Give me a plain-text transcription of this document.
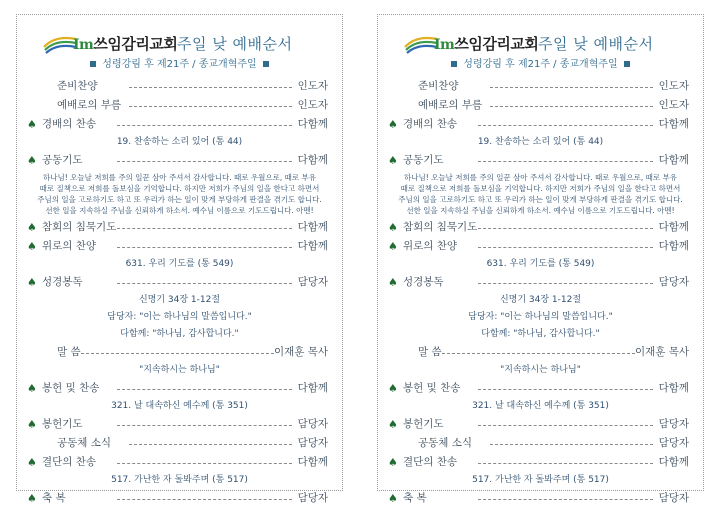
Im쓰임감리교회 주일 낮 예배순서
성령강림 후 제21주 / 종교개혁주일
준비찬양	인도자
예배로의 부름	인도자
♠ 경배의 찬송	다함께
19. 찬송하는 소리 있어 (통 44)
♠ 공동기도	다함께
하나님! 오늘날 저희를 주의 일꾼 삼아 주셔서 감사합니다. 때로 우월으로, 때로 부유
때로 질책으로 저희를 돌보심을 기억합니다. 하지만 저희가 주님의 일을 한다고 하면서
주님의 일을 고로하기도 하고 또 우리가 하는 일이 맞게 부당하게 판결을 겪기도 합니다.
선한 일을 지속하실 주님을 신뢰하게 하소서. 예수님 이름으로 기도드립니다. 아멘!
♠ 참회의 침묵기도	다함께
♠ 위로의 찬양	다함께
631. 우리 기도를 (통 549)
♠ 성경봉독	담당자
신명기 34장 1-12절
담당자: "이는 하나님의 말씀입니다."
다함께: "하나님, 감사합니다."
말 씀	이재훈 목사
"지속하시는 하나님"
♠ 봉헌 및 찬송	다함께
321. 날 대속하신 예수께 (통 351)
♠ 봉헌기도	담당자
공동체 소식	담당자
♠ 결단의 찬송	다함께
517. 가난한 자 돌봐주며 (통 517)
♠ 축 복	담당자
Im쓰임감리교회 주일 낮 예배순서
성령강림 후 제21주 / 종교개혁주일
준비찬양	인도자
예배로의 부름	인도자
♠ 경배의 찬송	다함께
19. 찬송하는 소리 있어 (통 44)
♠ 공동기도	다함께
하나님! 오늘날 저희를 주의 일꾼 삼아 주셔서 감사합니다. 때로 우월으로, 때로 부유
때로 질책으로 저희를 돌보심을 기억합니다. 하지만 저희가 주님의 일을 한다고 하면서
주님의 일을 고로하기도 하고 또 우리가 하는 일이 맞게 부당하게 판결을 겪기도 합니다.
선한 일을 지속하실 주님을 신뢰하게 하소서. 예수님 이름으로 기도드립니다. 아멘!
♠ 참회의 침묵기도	다함께
♠ 위로의 찬양	다함께
631. 우리 기도를 (통 549)
♠ 성경봉독	담당자
신명기 34장 1-12절
담당자: "이는 하나님의 말씀입니다."
다함께: "하나님, 감사합니다."
말 씀	이재훈 목사
"지속하시는 하나님"
♠ 봉헌 및 찬송	다함께
321. 날 대속하신 예수께 (통 351)
♠ 봉헌기도	담당자
공동체 소식	담당자
♠ 결단의 찬송	다함께
517. 가난한 자 돌봐주며 (통 517)
♠ 축 복	담당자
